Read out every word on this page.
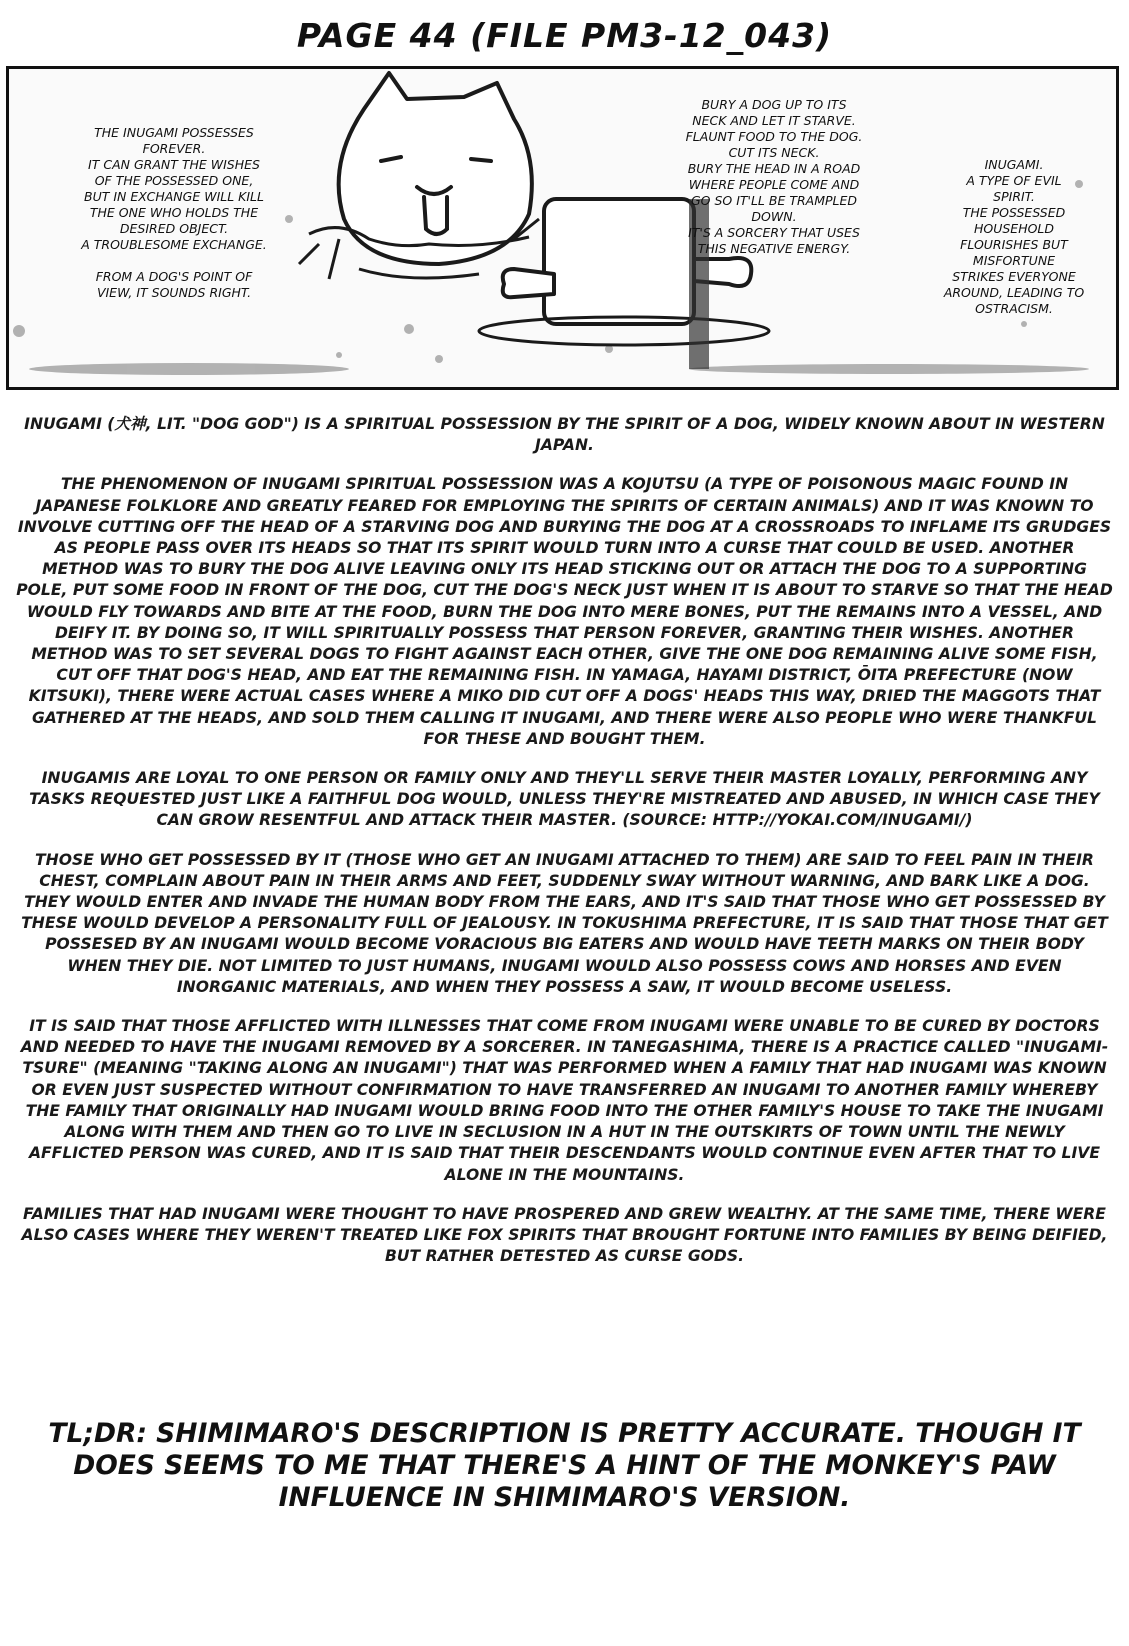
PAGE 44 (FILE PM3-12_043)

THE INUGAMI POSSESSES

FOREVER.

IT CAN GRANT THE WISHES

OF THE POSSESSED ONE,

BUT IN EXCHANGE WILL KILL

THE ONE WHO HOLDS THE

DESIRED OBJECT.

A TROUBLESOME EXCHANGE.

FROM A DOG'S POINT OF

VIEW, IT SOUNDS RIGHT.

BURY A DOG UP TO ITS

NECK AND LET IT STARVE.

FLAUNT FOOD TO THE DOG.

CUT ITS NECK.

BURY THE HEAD IN A ROAD

WHERE PEOPLE COME AND

GO SO IT'LL BE TRAMPLED

DOWN.

IT'S A SORCERY THAT USES

THIS NEGATIVE ENERGY.

INUGAMI.

A TYPE OF EVIL

SPIRIT.

THE POSSESSED

HOUSEHOLD

FLOURISHES BUT

MISFORTUNE

STRIKES EVERYONE

AROUND, LEADING TO

OSTRACISM.

INUGAMI (犬神, LIT. "DOG GOD") IS A SPIRITUAL POSSESSION BY THE SPIRIT OF A DOG, WIDELY KNOWN ABOUT IN WESTERN JAPAN.

THE PHENOMENON OF INUGAMI SPIRITUAL POSSESSION WAS A KOJUTSU (A TYPE OF POISONOUS MAGIC FOUND IN JAPANESE FOLKLORE AND GREATLY FEARED FOR EMPLOYING THE SPIRITS OF CERTAIN ANIMALS) AND IT WAS KNOWN TO INVOLVE CUTTING OFF THE HEAD OF A STARVING DOG AND BURYING THE DOG AT A CROSSROADS TO INFLAME ITS GRUDGES AS PEOPLE PASS OVER ITS HEADS SO THAT ITS SPIRIT WOULD TURN INTO A CURSE THAT COULD BE USED. ANOTHER METHOD WAS TO BURY THE DOG ALIVE LEAVING ONLY ITS HEAD STICKING OUT OR ATTACH THE DOG TO A SUPPORTING POLE, PUT SOME FOOD IN FRONT OF THE DOG, CUT THE DOG'S NECK JUST WHEN IT IS ABOUT TO STARVE SO THAT THE HEAD WOULD FLY TOWARDS AND BITE AT THE FOOD, BURN THE DOG INTO MERE BONES, PUT THE REMAINS INTO A VESSEL, AND DEIFY IT. BY DOING SO, IT WILL SPIRITUALLY POSSESS THAT PERSON FOREVER, GRANTING THEIR WISHES. ANOTHER METHOD WAS TO SET SEVERAL DOGS TO FIGHT AGAINST EACH OTHER, GIVE THE ONE DOG REMAINING ALIVE SOME FISH, CUT OFF THAT DOG'S HEAD, AND EAT THE REMAINING FISH. IN YAMAGA, HAYAMI DISTRICT, ŌITA PREFECTURE (NOW KITSUKI), THERE WERE ACTUAL CASES WHERE A MIKO DID CUT OFF A DOGS' HEADS THIS WAY, DRIED THE MAGGOTS THAT GATHERED AT THE HEADS, AND SOLD THEM CALLING IT INUGAMI, AND THERE WERE ALSO PEOPLE WHO WERE THANKFUL FOR THESE AND BOUGHT THEM.

INUGAMIS ARE LOYAL TO ONE PERSON OR FAMILY ONLY AND THEY'LL SERVE THEIR MASTER LOYALLY, PERFORMING ANY TASKS REQUESTED JUST LIKE A FAITHFUL DOG WOULD, UNLESS THEY'RE MISTREATED AND ABUSED, IN WHICH CASE THEY CAN GROW RESENTFUL AND ATTACK THEIR MASTER. (SOURCE: HTTP://YOKAI.COM/INUGAMI/)

THOSE WHO GET POSSESSED BY IT (THOSE WHO GET AN INUGAMI ATTACHED TO THEM) ARE SAID TO FEEL PAIN IN THEIR CHEST, COMPLAIN ABOUT PAIN IN THEIR ARMS AND FEET, SUDDENLY SWAY WITHOUT WARNING, AND BARK LIKE A DOG. THEY WOULD ENTER AND INVADE THE HUMAN BODY FROM THE EARS, AND IT'S SAID THAT THOSE WHO GET POSSESSED BY THESE WOULD DEVELOP A PERSONALITY FULL OF JEALOUSY. IN TOKUSHIMA PREFECTURE, IT IS SAID THAT THOSE THAT GET POSSESED BY AN INUGAMI WOULD BECOME VORACIOUS BIG EATERS AND WOULD HAVE TEETH MARKS ON THEIR BODY WHEN THEY DIE. NOT LIMITED TO JUST HUMANS, INUGAMI WOULD ALSO POSSESS COWS AND HORSES AND EVEN INORGANIC MATERIALS, AND WHEN THEY POSSESS A SAW, IT WOULD BECOME USELESS.

IT IS SAID THAT THOSE AFFLICTED WITH ILLNESSES THAT COME FROM INUGAMI WERE UNABLE TO BE CURED BY DOCTORS AND NEEDED TO HAVE THE INUGAMI REMOVED BY A SORCERER. IN TANEGASHIMA, THERE IS A PRACTICE CALLED "INUGAMI-TSURE" (MEANING "TAKING ALONG AN INUGAMI") THAT WAS PERFORMED WHEN A FAMILY THAT HAD INUGAMI WAS KNOWN OR EVEN JUST SUSPECTED WITHOUT CONFIRMATION TO HAVE TRANSFERRED AN INUGAMI TO ANOTHER FAMILY WHEREBY THE FAMILY THAT ORIGINALLY HAD INUGAMI WOULD BRING FOOD INTO THE OTHER FAMILY'S HOUSE TO TAKE THE INUGAMI ALONG WITH THEM AND THEN GO TO LIVE IN SECLUSION IN A HUT IN THE OUTSKIRTS OF TOWN UNTIL THE NEWLY AFFLICTED PERSON WAS CURED, AND IT IS SAID THAT THEIR DESCENDANTS WOULD CONTINUE EVEN AFTER THAT TO LIVE ALONE IN THE MOUNTAINS.

FAMILIES THAT HAD INUGAMI WERE THOUGHT TO HAVE PROSPERED AND GREW WEALTHY. AT THE SAME TIME, THERE WERE ALSO CASES WHERE THEY WEREN'T TREATED LIKE FOX SPIRITS THAT BROUGHT FORTUNE INTO FAMILIES BY BEING DEIFIED, BUT RATHER DETESTED AS CURSE GODS.

TL;DR: SHIMIMARO'S DESCRIPTION IS PRETTY ACCURATE. THOUGH IT DOES SEEMS TO ME THAT THERE'S A HINT OF THE MONKEY'S PAW INFLUENCE IN SHIMIMARO'S VERSION.
